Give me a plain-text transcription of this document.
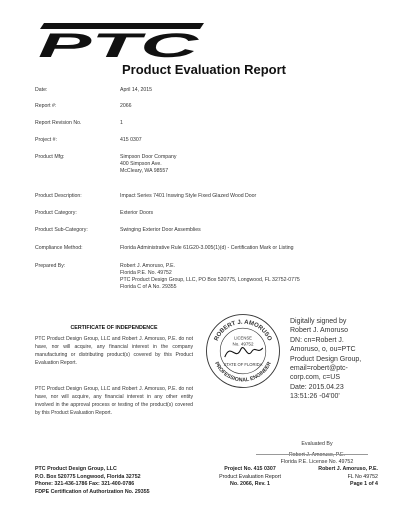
PTC
Product Evaluation Report
Date:	April 14, 2015
Report #:	2066
Report Revision No.	1
Project #:	415 0307
Product Mfg:	Simpson Door Company
400 Simpson Ave.
McCleary, WA 98557
Product Description:	Impact Series 7401 Inswing Style Fixed Glazed Wood Door
Product Category:	Exterior Doors
Product Sub-Category:	Swinging Exterior Door Assemblies
Compliance Method:	Florida Administrative Rule 61G20-3.005(1)(d) - Certification Mark or Listing
Prepared By:	Robert J. Amoruso, P.E.
Florida P.E. No. 49752
PTC Product Design Group, LLC, PO Box 520775, Longwood, FL 32752-0775
Florida C of A No. 29355
CERTIFICATE OF INDEPENDENCE
PTC Product Design Group, LLC and Robert J. Amoruso, P.E. do not have, nor will acquire, any financial interest in the company manufacturing or distributing product(s) covered by this Product Evaluation Report.
PTC Product Design Group, LLC and Robert J. Amoruso, P.E. do not have, nor will acquire, any financial interest in any other entity involved in the approval process or testing of the product(s) covered by this Product Evaluation Report.
ROBERT J. AMORUSO
PROFESSIONAL ENGINEER
LICENSE
No. 49752
STATE OF FLORIDA
Digitally signed by
Robert J. Amoruso
DN: cn=Robert J.
Amoruso, o, ou=PTC
Product Design Group,
email=robert@ptc-
corp.com, c=US
Date: 2015.04.23
13:51:26 -04'00'
Evaluated By
Robert J. Amoruso, P.E.
Florida P.E. License No. 49752
PTC Product Design Group, LLC
P.O. Box 520775 Longwood, Florida 32752
Phone: 321-436-1786 Fax: 321-400-0786
FDPE Certification of Authorization No. 29355
Project No. 415 0307
Product Evaluation Report
No. 2066, Rev. 1
Robert J. Amoruso, P.E.
FL No 49752
Page 1 of 4
